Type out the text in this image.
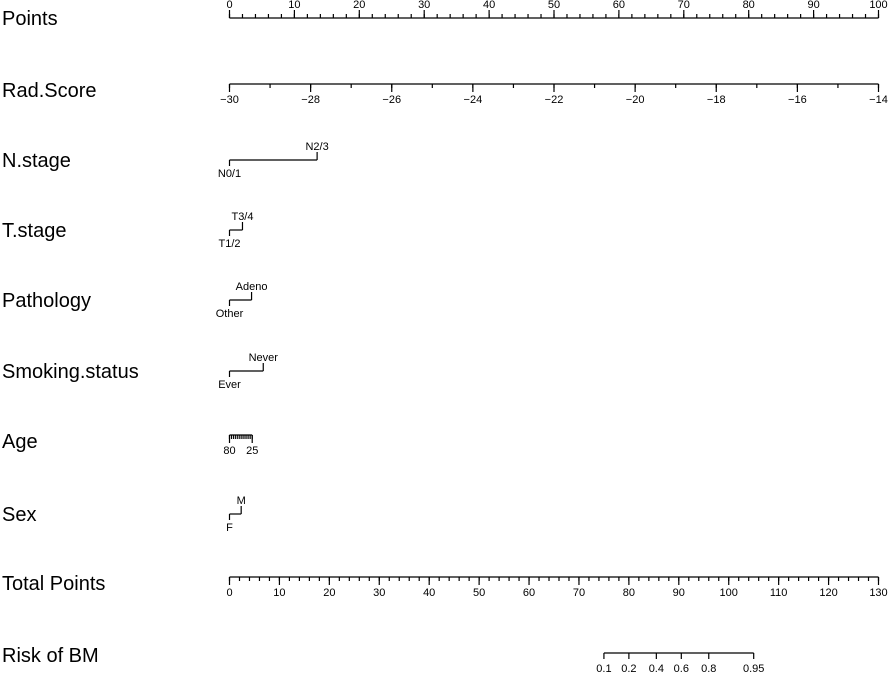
Points
0	10	20	30	40	50	60	70	80	90	100
Rad.Score	−30	−28	−26	−24	−22	−20	−18	−16	−14
N.stage
N0/1
N2/3
T.stage
T1/2
T3/4
Pathology
Other
Adeno
Smoking.status
Ever
Never
Age	80 25
Sex
F
M
Total Points	0	10	20	30	40	50	60	70	80	90	100	110	120	130
Risk of BM
0.1 0.2 0.4 0.6 0.8 0.95
